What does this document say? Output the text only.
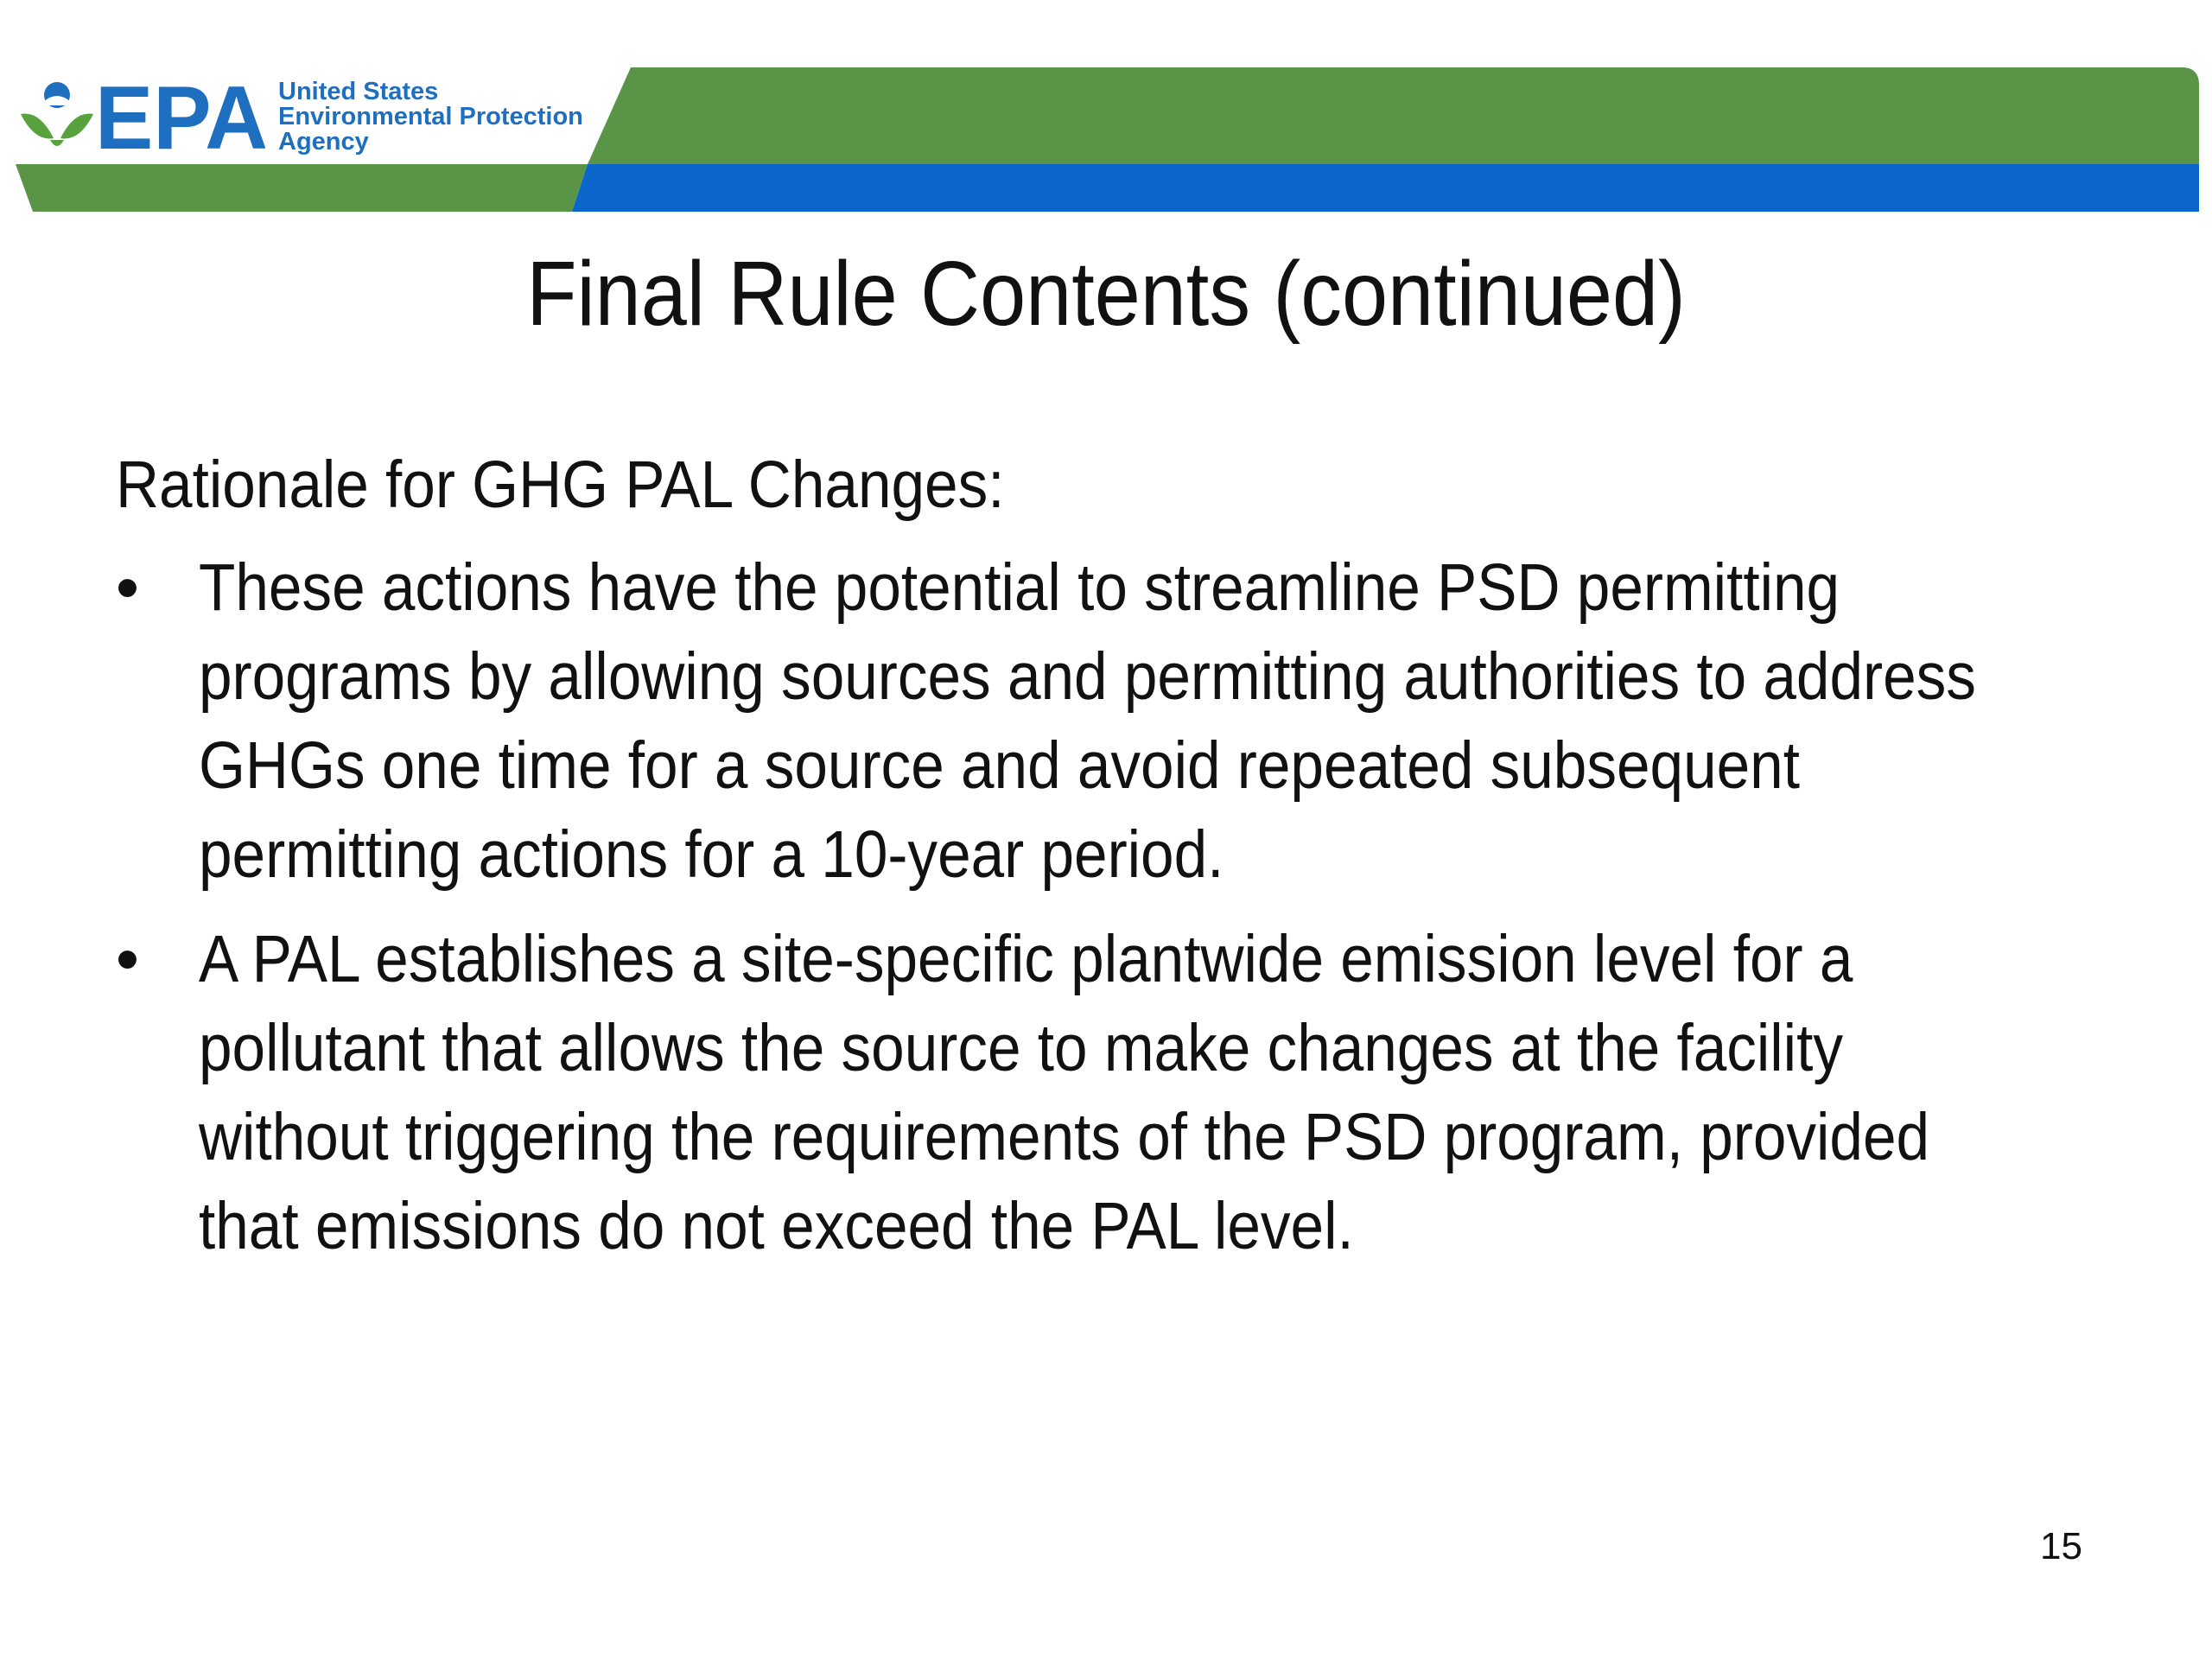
EPA United States
Environmental Protection
Agency
Final Rule Contents (continued)
Rationale for GHG PAL Changes:
• These actions have the potential to streamline PSD permitting programs by allowing sources and permitting authorities to address GHGs one time for a source and avoid repeated subsequent permitting actions for a 10-year period.
• A PAL establishes a site-specific plantwide emission level for a pollutant that allows the source to make changes at the facility without triggering the requirements of the PSD program, provided that emissions do not exceed the PAL level.
15
